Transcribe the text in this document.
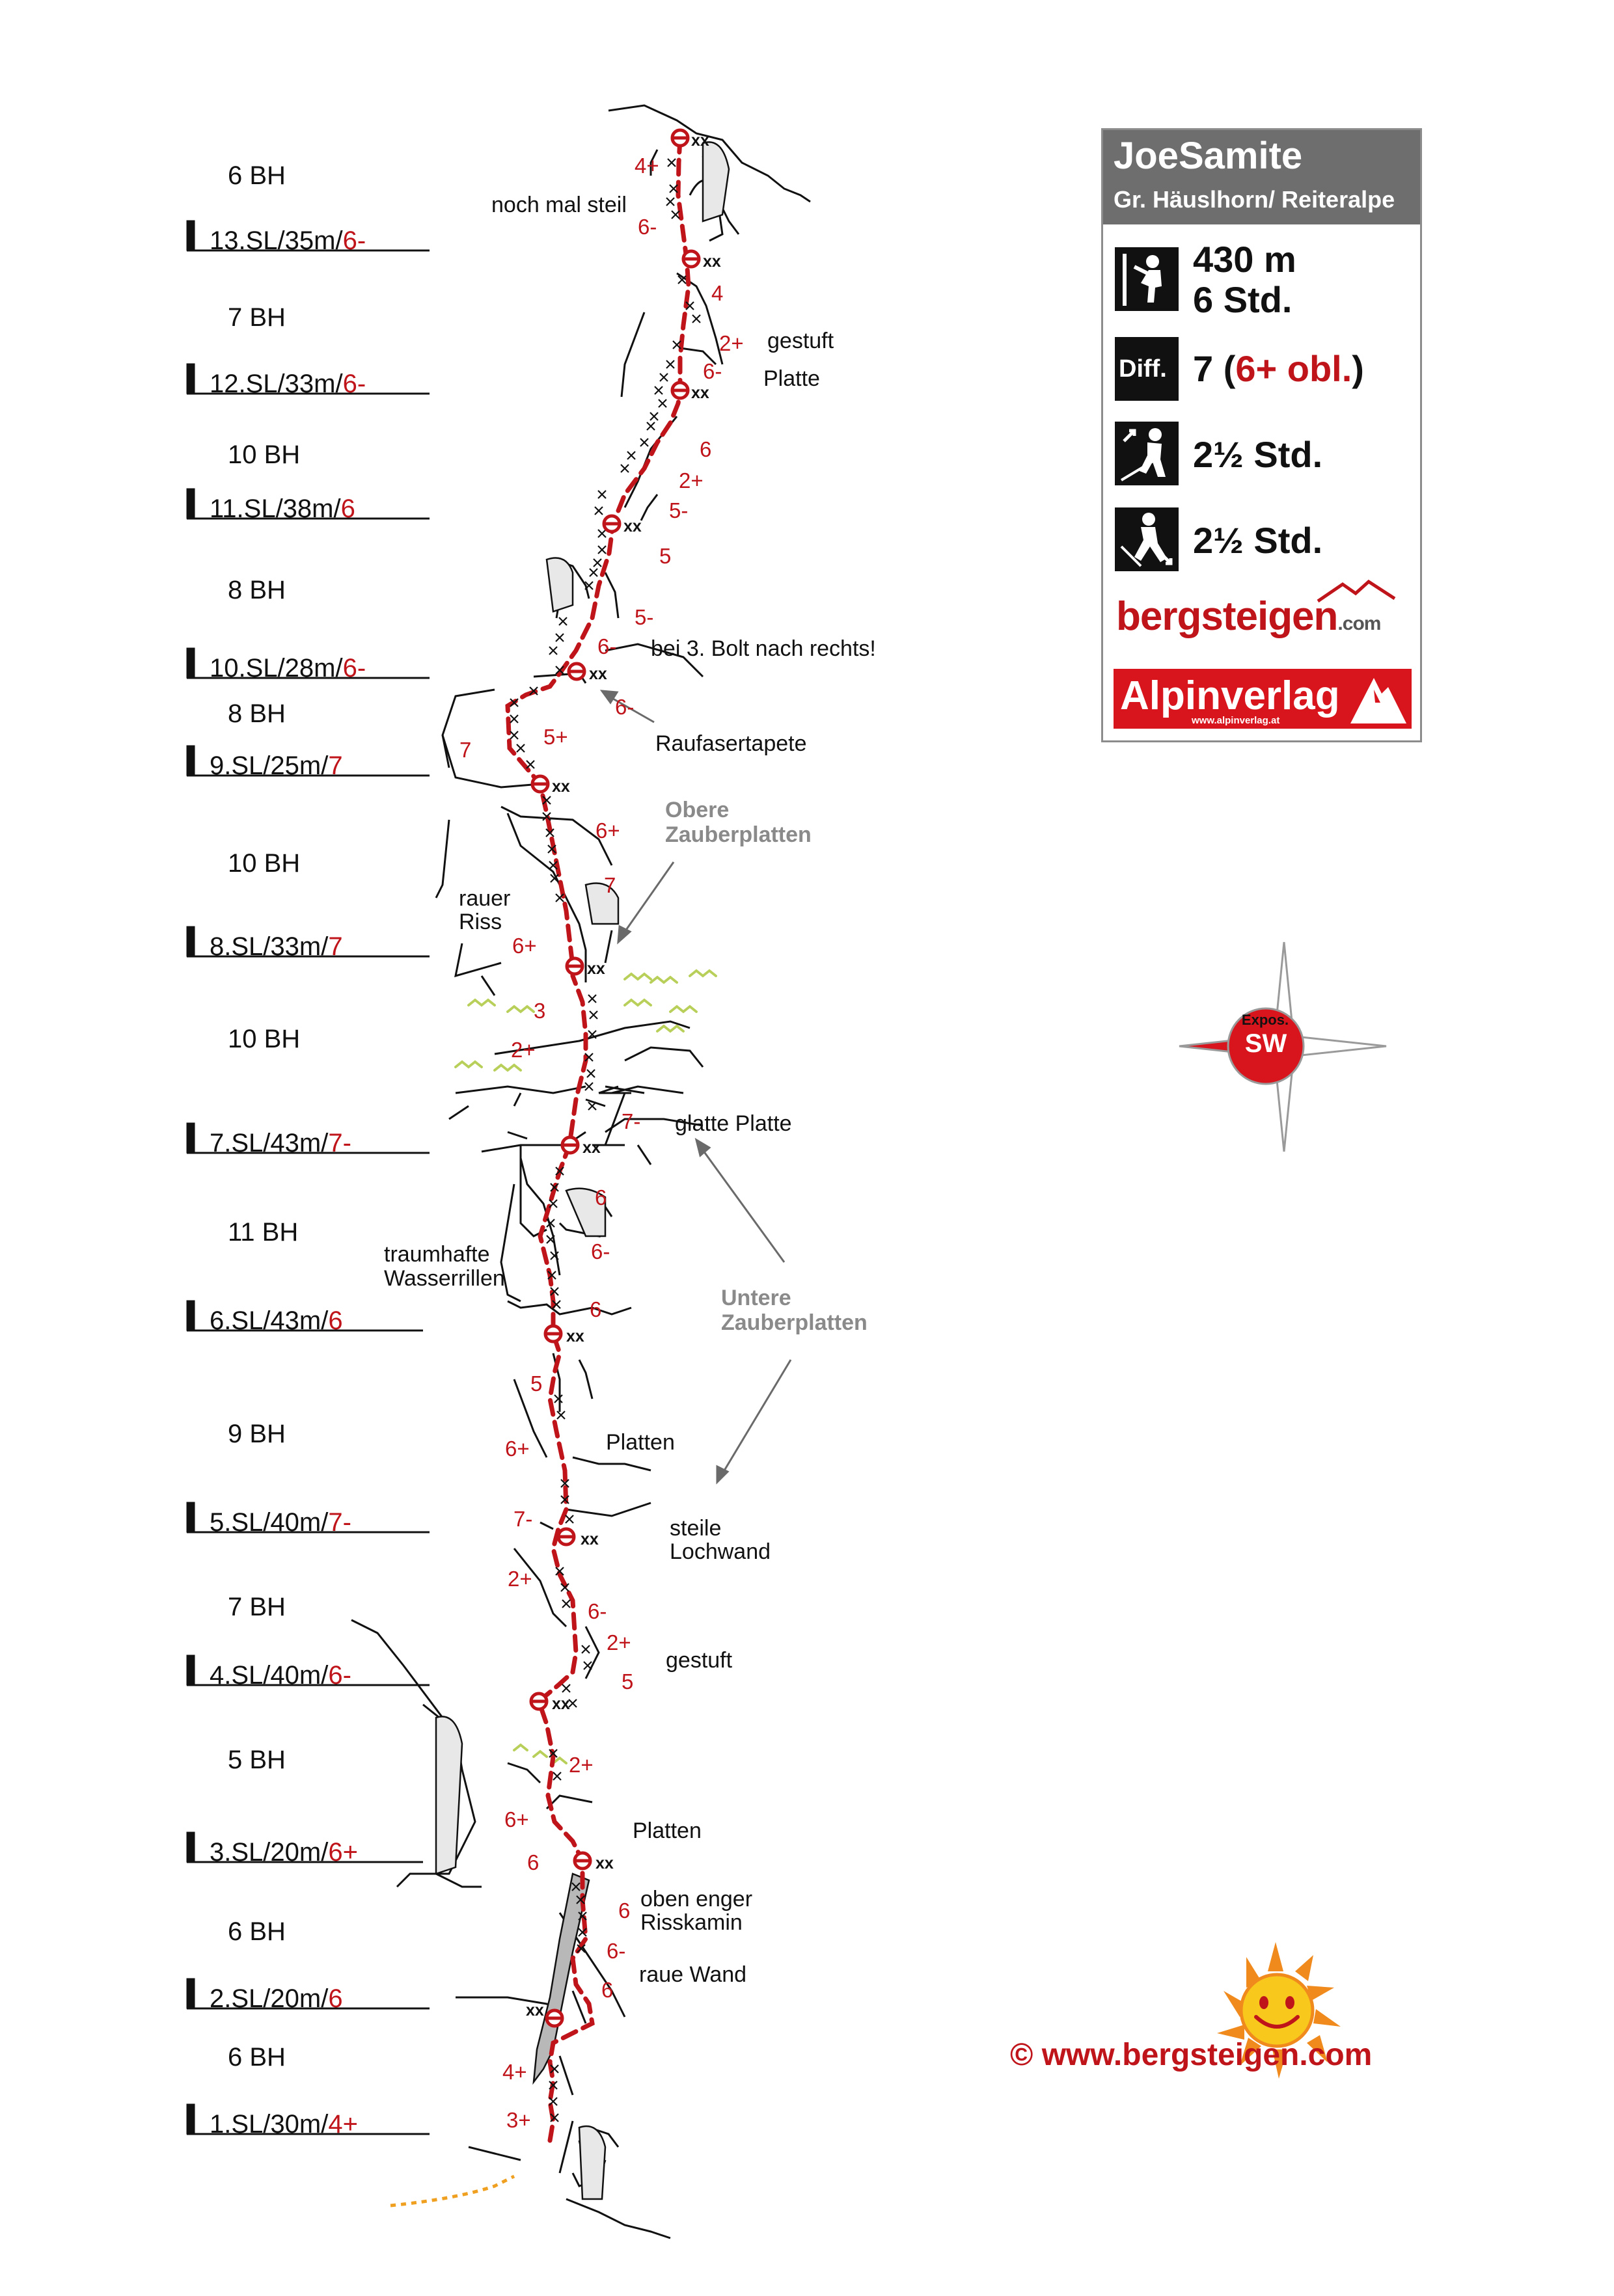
6 BH
13.SL/35m/6-
7 BH
12.SL/33m/6-
10 BH
11.SL/38m/6
8 BH
10.SL/28m/6-
8 BH
9.SL/25m/7
10 BH
8.SL/33m/7
10 BH
7.SL/43m/7-
11 BH
6.SL/43m/6
9 BH
5.SL/40m/7-
7 BH
4.SL/40m/6-
5 BH
3.SL/20m/6+
6 BH
2.SL/20m/6
6 BH
1.SL/30m/4+
noch mal steil
gestuft
Platte
bei 3. Bolt nach rechts!
Raufasertapete
rauer
Riss
glatte Platte
traumhafte
Wasserrillen
Platten
steile
Lochwand
gestuft
Platten
oben enger
Risskamin
raue Wand
Obere
Zauberplatten
Untere
Zauberplatten
4+
6-
4
2+
6-
6
2+
5-
5
5-
6-
6-
5+
7
6+
7
6+
3
2+
7-
6
6-
6
5
6+
7-
2+
6-
2+
5
2+
6+
6
6
6-
6
4+
3+
xx
xx
xx
xx
xx
xx
xx
xx
xx
xx
xx
xx
xx
JoeSamite
Gr. Häuslhorn/ Reiteralpe
430 m
6 Std.
Diff. 7 (6+ obl.)
2½ Std.
2½ Std.
bergsteigen.com
Alpinverlag
www.alpinverlag.at
Expos.
SW
© www.bergsteigen.com
